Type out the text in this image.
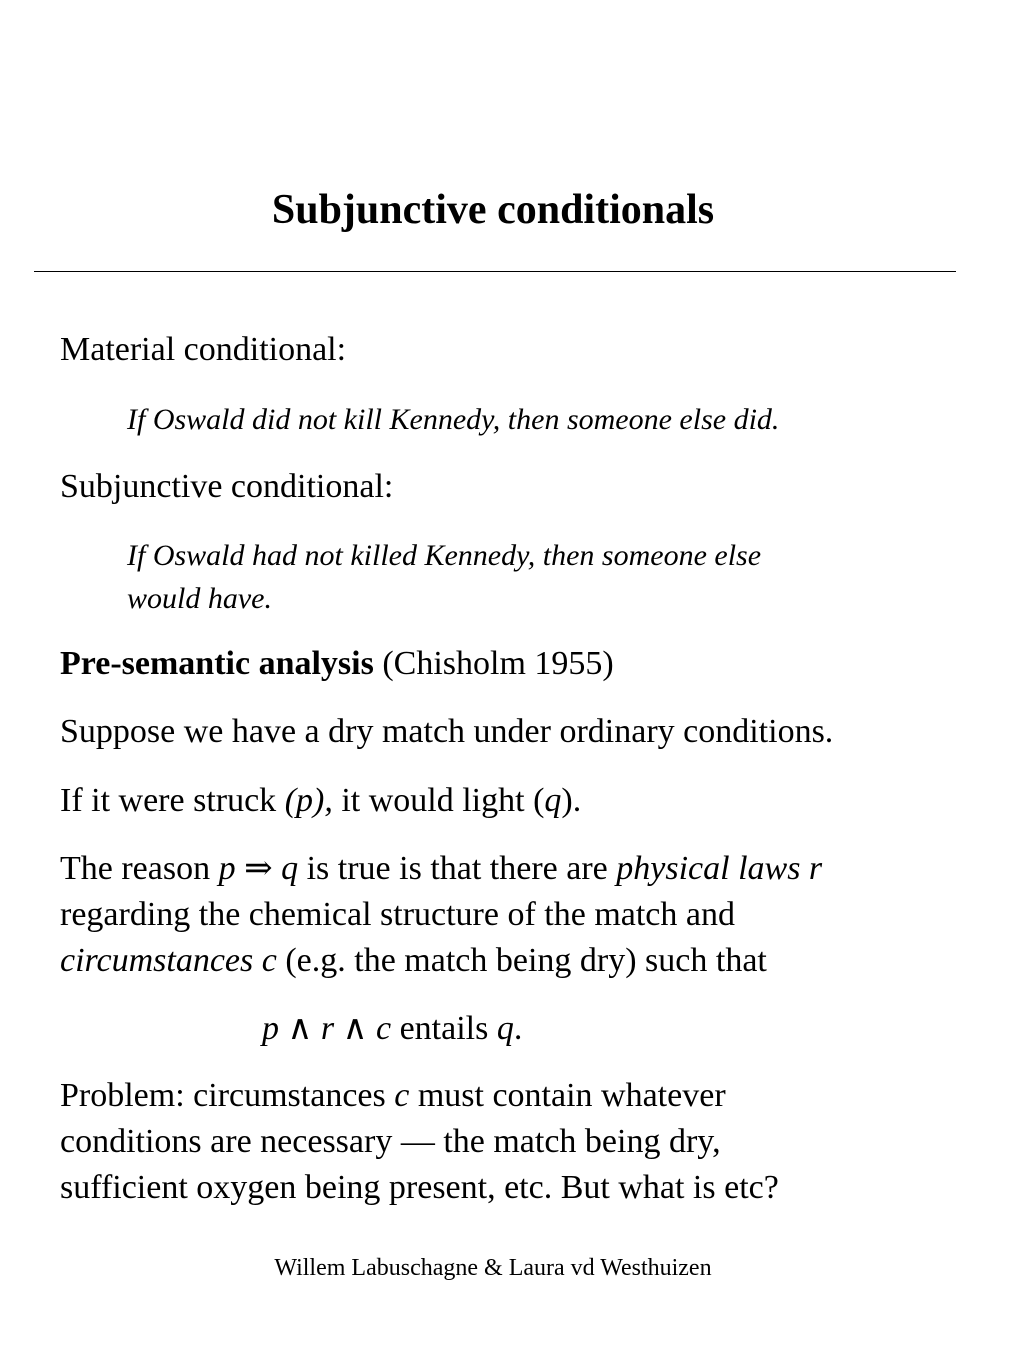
Subjunctive conditionals
Material conditional:
If Oswald did not kill Kennedy, then someone else did.
Subjunctive conditional:
If Oswald had not killed Kennedy, then someone else
would have.
Pre-semantic analysis (Chisholm 1955)
Suppose we have a dry match under ordinary conditions.
If it were struck (p), it would light (q).
The reason p ⇒ q is true is that there are physical laws r
regarding the chemical structure of the match and
circumstances c (e.g. the match being dry) such that
p ∧ r ∧ c entails q.
Problem: circumstances c must contain whatever
conditions are necessary — the match being dry,
sufficient oxygen being present, etc. But what is etc?
Willem Labuschagne & Laura vd Westhuizen
